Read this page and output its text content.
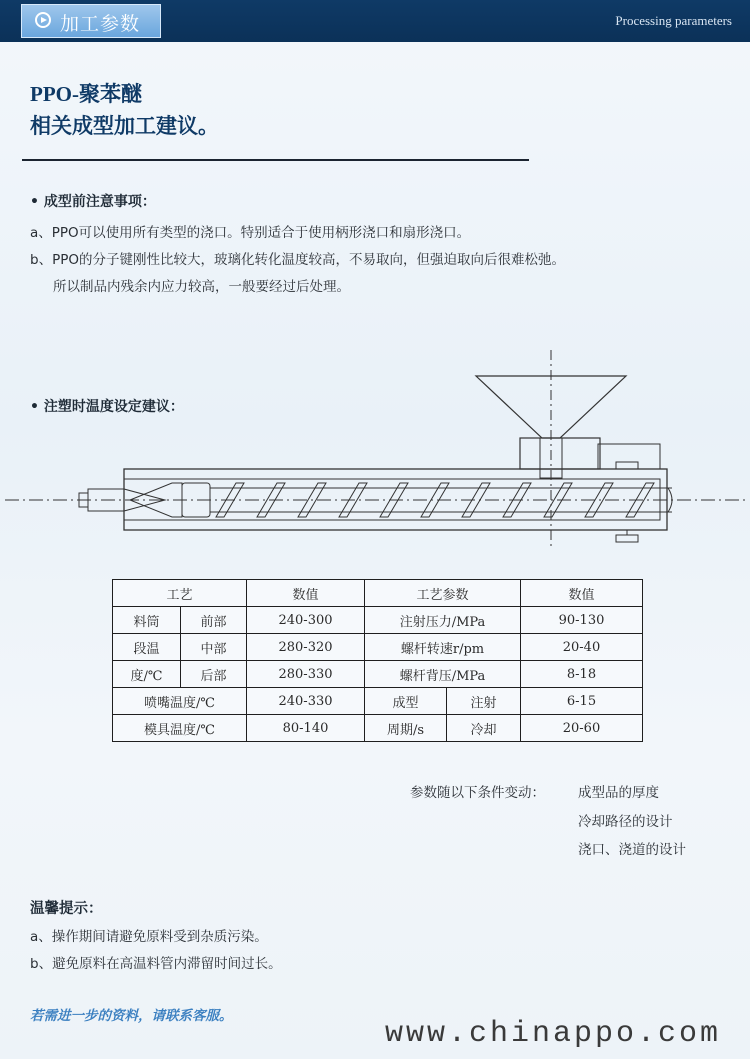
加工参数	Processing parameters
PPO-聚苯醚
相关成型加工建议。
• 成型前注意事项：
a、PPO可以使用所有类型的浇口。特别适合于使用柄形浇口和扇形浇口。
b、PPO的分子键刚性比较大，玻璃化转化温度较高，不易取向，但强迫取向后很难松弛。
所以制品内残余内应力较高，一般要经过后处理。
• 注塑时温度设定建议：
工艺		数值	工艺参数		数值
料筒	前部	240-300	注射压力/MPa		90-130
段温	中部	280-320	螺杆转速r/pm		20-40
度/℃	后部	280-330	螺杆背压/MPa		8-18
喷嘴温度/℃		240-330	成型	注射	6-15
模具温度/℃		80-140	周期/s	冷却	20-60
参数随以下条件变动： 成型品的厚度
冷却路径的设计
浇口、浇道的设计
温馨提示：
a、操作期间请避免原料受到杂质污染。
b、避免原料在高温料管内滞留时间过长。
若需进一步的资料，请联系客服。
www.chinappo.com
